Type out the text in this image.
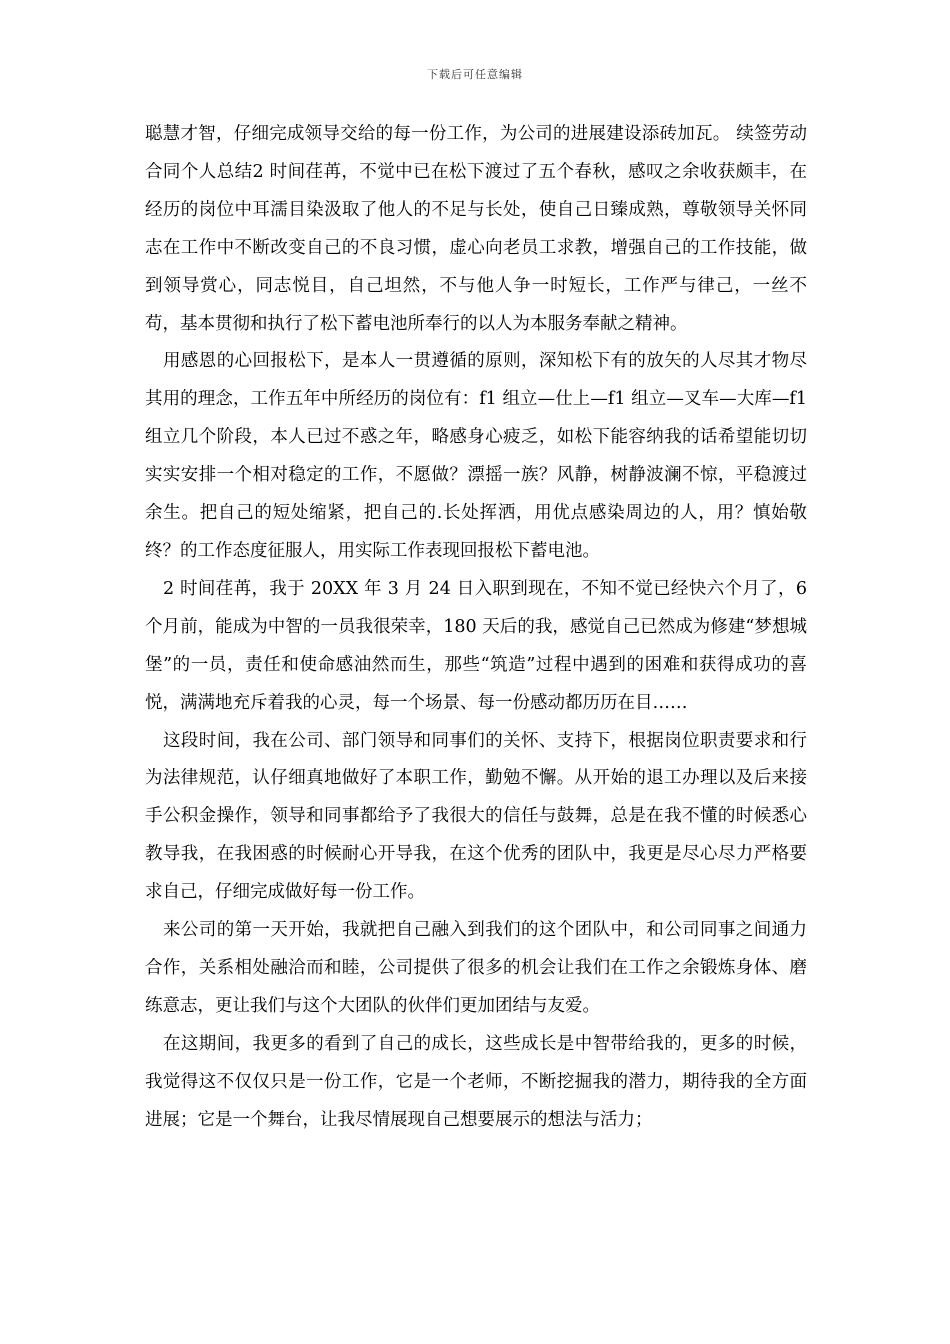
下载后可任意编辑

聪慧才智，仔细完成领导交给的每一份工作，为公司的进展建设添砖加瓦。 续签劳动合同个人总结2 时间荏苒，不觉中已在松下渡过了五个春秋，感叹之余收获颇丰，在经历的岗位中耳濡目染汲取了他人的不足与长处，使自己日臻成熟，尊敬领导关怀同志在工作中不断改变自己的不良习惯，虚心向老员工求教，增强自己的工作技能，做到领导赏心，同志悦目，自己坦然，不与他人争一时短长，工作严与律己，一丝不苟，基本贯彻和执行了松下蓄电池所奉行的以人为本服务奉献之精神。

用感恩的心回报松下，是本人一贯遵循的原则，深知松下有的放矢的人尽其才物尽其用的理念，工作五年中所经历的岗位有：f1 组立—仕上—f1 组立—叉车—大库—f1 组立几个阶段，本人已过不惑之年，略感身心疲乏，如松下能容纳我的话希望能切切实实安排一个相对稳定的工作，不愿做？漂摇一族？风静，树静波澜不惊，平稳渡过余生。把自己的短处缩紧，把自己的.长处挥洒，用优点感染周边的人，用？慎始敬终？的工作态度征服人，用实际工作表现回报松下蓄电池。

2 时间荏苒，我于 20XX 年 3 月 24 日入职到现在，不知不觉已经快六个月了，6 个月前，能成为中智的一员我很荣幸，180 天后的我，感觉自己已然成为修建“梦想城堡”的一员，责任和使命感油然而生，那些“筑造”过程中遇到的困难和获得成功的喜悦，满满地充斥着我的心灵，每一个场景、每一份感动都历历在目……

这段时间，我在公司、部门领导和同事们的关怀、支持下，根据岗位职责要求和行为法律规范，认仔细真地做好了本职工作，勤勉不懈。从开始的退工办理以及后来接手公积金操作，领导和同事都给予了我很大的信任与鼓舞，总是在我不懂的时候悉心教导我，在我困惑的时候耐心开导我，在这个优秀的团队中，我更是尽心尽力严格要求自己，仔细完成做好每一份工作。

来公司的第一天开始，我就把自己融入到我们的这个团队中，和公司同事之间通力合作，关系相处融洽而和睦，公司提供了很多的机会让我们在工作之余锻炼身体、磨练意志，更让我们与这个大团队的伙伴们更加团结与友爱。

在这期间，我更多的看到了自己的成长，这些成长是中智带给我的，更多的时候，我觉得这不仅仅只是一份工作，它是一个老师，不断挖掘我的潜力，期待我的全方面进展；它是一个舞台，让我尽情展现自己想要展示的想法与活力；
